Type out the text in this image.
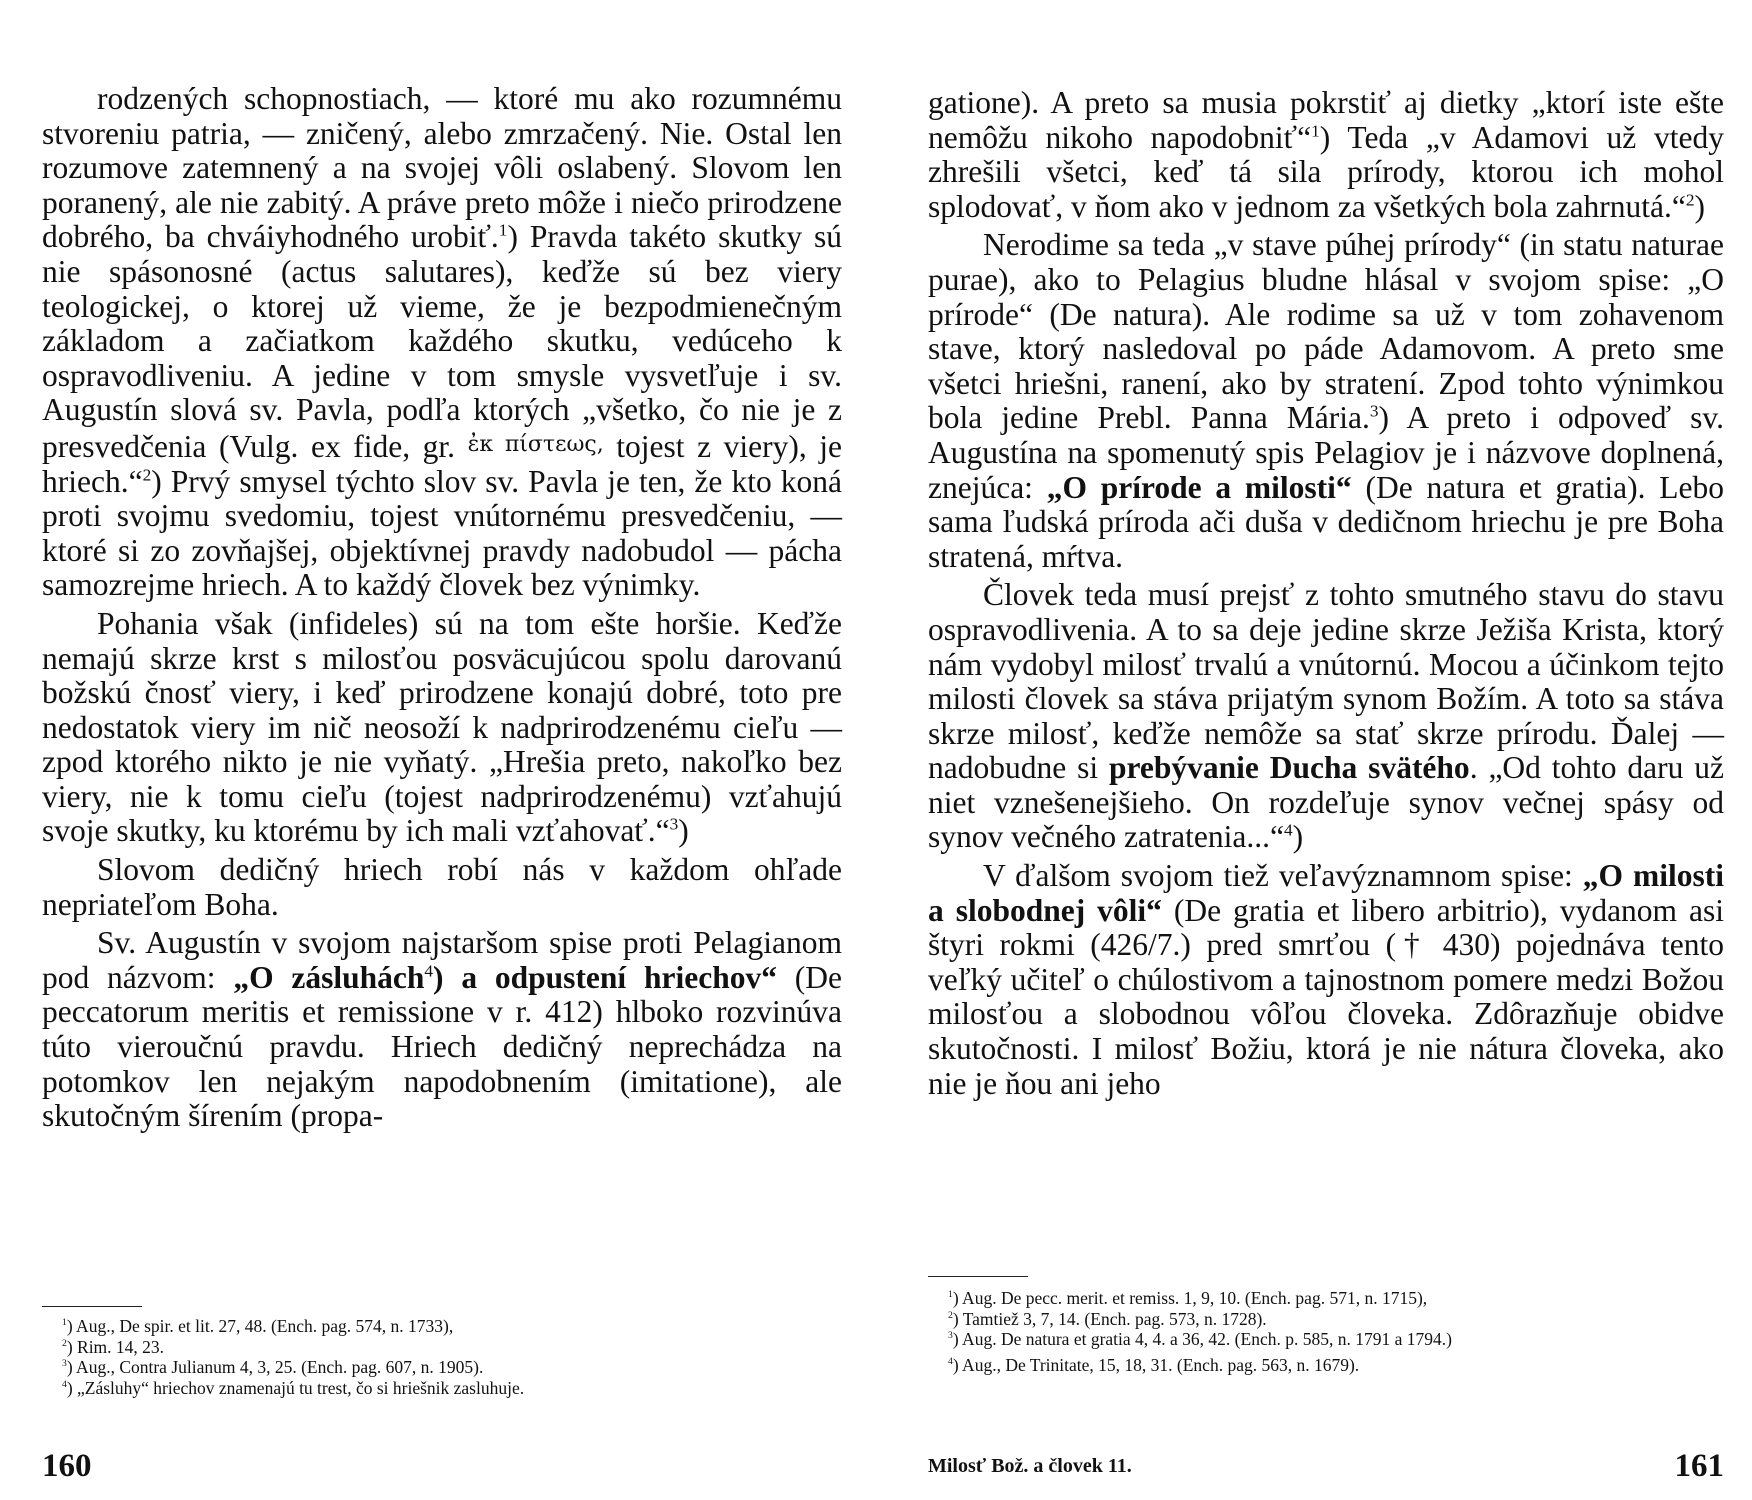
rodzených schopnostiach, — ktoré mu ako rozumnému stvoreniu patria, — zničený, alebo zmrzačený. Nie. Ostal len rozumove zatemnený a na svojej vôli oslabený. Slovom len poranený, ale nie zabitý. A práve preto môže i niečo prirodzene dobrého, ba chváiyhodného urobiť.$^1$) Pravda takéto skutky sú nie spásonosné (actus salutares), keďže sú bez viery teologickej, o ktorej už vieme, že je bezpodmienečným základom a začiatkom každého skutku, vedúceho k ospravodliveniu. A jedine v tom smysle vysvetľuje i sv. Augustín slová sv. Pavla, podľa ktorých „všetko, čo nie je z presvedčenia (Vulg. ex fide, gr. ἐκ πίστεως, tojest z viery), je hriech.“$^2$) Prvý smysel týchto slov sv. Pavla je ten, že kto koná proti svojmu svedomiu, tojest vnútornému presvedčeniu, — ktoré si zo zovňajšej, objektívnej pravdy nadobudol — pácha samozrejme hriech. A to každý človek bez výnimky.

Pohania však (infideles) sú na tom ešte horšie. Keďže nemajú skrze krst s milosťou posväcujúcou spolu darovanú božskú čnosť viery, i keď prirodzene konajú dobré, toto pre nedostatok viery im nič neosoží k nadprirodzenému cieľu — zpod ktorého nikto je nie vyňatý. „Hrešia preto, nakoľko bez viery, nie k tomu cieľu (tojest nadprirodzenému) vzťahujú svoje skutky, ku ktorému by ich mali vzťahovať.“$^3$)

Slovom dedičný hriech robí nás v každom ohľade nepriateľom Boha.

Sv. Augustín v svojom najstaršom spise proti Pelagianom pod názvom: „O zásluhách$^4$) a odpustení hriechov“ (De peccatorum meritis et remissione v r. 412) hlboko rozvinúva túto vieroučnú pravdu. Hriech dedičný neprechádza na potomkov len nejakým napodobnením (imitatione), ale skutočným šírením (propa-

$^1$) Aug., De spir. et lit. 27, 48. (Ench. pag. 574, n. 1733),

$^2$) Rim. 14, 23.

$^3$) Aug., Contra Julianum 4, 3, 25. (Ench. pag. 607, n. 1905).

$^4$) „Zásluhy“ hriechov znamenajú tu trest, čo si hriešnik zasluhuje.

160

gatione). A preto sa musia pokrstiť aj dietky „ktorí iste ešte nemôžu nikoho napodobniť“$^1$) Teda „v Adamovi už vtedy zhrešili všetci, keď tá sila prírody, ktorou ich mohol splodovať, v ňom ako v jednom za všetkých bola zahrnutá.“$^2$)

Nerodime sa teda „v stave púhej prírody“ (in statu naturae purae), ako to Pelagius bludne hlásal v svojom spise: „O prírode“ (De natura). Ale rodime sa už v tom zohavenom stave, ktorý nasledoval po páde Adamovom. A preto sme všetci hriešni, ranení, ako by stratení. Zpod tohto výnimkou bola jedine Prebl. Panna Mária.$^3$) A preto i odpoveď sv. Augustína na spomenutý spis Pelagiov je i názvove doplnená, znejúca: „O prírode a milosti“ (De natura et gratia). Lebo sama ľudská príroda ači duša v dedičnom hriechu je pre Boha stratená, mŕtva.

Človek teda musí prejsť z tohto smutného stavu do stavu ospravodlivenia. A to sa deje jedine skrze Ježiša Krista, ktorý nám vydobyl milosť trvalú a vnútornú. Mocou a účinkom tejto milosti človek sa stáva prijatým synom Božím. A toto sa stáva skrze milosť, keďže nemôže sa stať skrze prírodu. Ďalej — nadobudne si prebývanie Ducha svätého. „Od tohto daru už niet vznešenejšieho. On rozdeľuje synov večnej spásy od synov večného zatratenia...“$^4$)

V ďalšom svojom tiež veľavýznamnom spise: „O milosti a slobodnej vôli“ (De gratia et libero arbitrio), vydanom asi štyri rokmi (426/7.) pred smrťou († 430) pojednáva tento veľký učiteľ o chúlostivom a tajnostnom pomere medzi Božou milosťou a slobodnou vôľou človeka. Zdôrazňuje obidve skutočnosti. I milosť Božiu, ktorá je nie nátura človeka, ako nie je ňou ani jeho

$^1$) Aug. De pecc. merit. et remiss. 1, 9, 10. (Ench. pag. 571, n. 1715),

$^2$) Tamtiež 3, 7, 14. (Ench. pag. 573, n. 1728).

$^3$) Aug. De natura et gratia 4, 4. a 36, 42. (Ench. p. 585, n. 1791 a 1794.)

$^4$) Aug., De Trinitate, 15, 18, 31. (Ench. pag. 563, n. 1679).

Milosť Bož. a človek 11.	161
